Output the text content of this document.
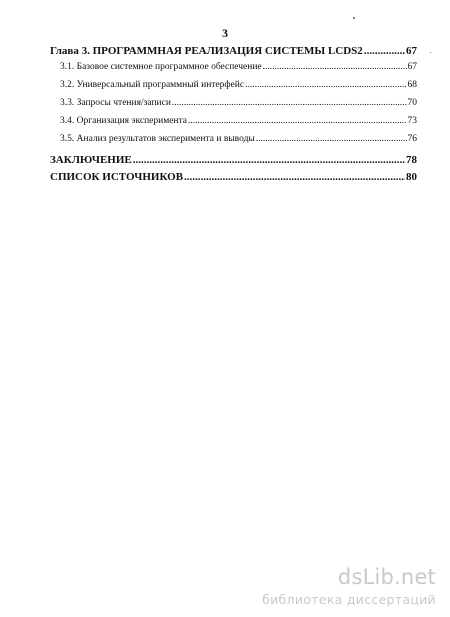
3
Глава 3. ПРОГРАММНАЯ РЕАЛИЗАЦИЯ СИСТЕМЫ LCDS2 .....	67
3.1. Базовое системное программное обеспечение .....	67
3.2. Универсальный программный интерфейс .....	68
3.3. Запросы чтения/записи .....	70
3.4. Организация эксперимента .....	73
3.5. Анализ результатов эксперимента и выводы .....	76
ЗАКЛЮЧЕНИЕ .....	78
СПИСОК ИСТОЧНИКОВ .....	80
dsLib.net
библиотека диссертаций
